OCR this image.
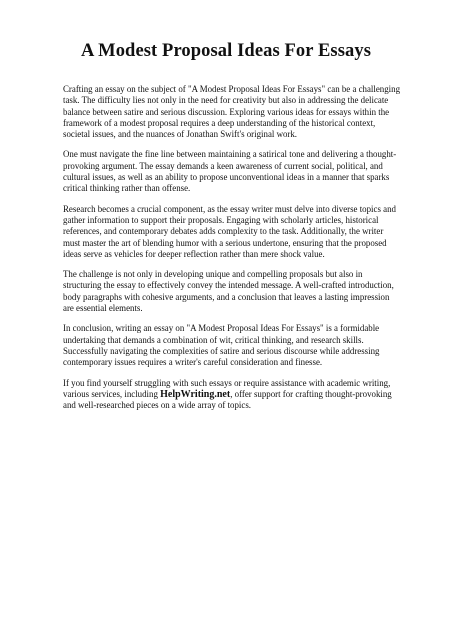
A Modest Proposal Ideas For Essays

Crafting an essay on the subject of "A Modest Proposal Ideas For Essays" can be a challenging task. The difficulty lies not only in the need for creativity but also in addressing the delicate balance between satire and serious discussion. Exploring various ideas for essays within the framework of a modest proposal requires a deep understanding of the historical context, societal issues, and the nuances of Jonathan Swift's original work.

One must navigate the fine line between maintaining a satirical tone and delivering a thought-provoking argument. The essay demands a keen awareness of current social, political, and cultural issues, as well as an ability to propose unconventional ideas in a manner that sparks critical thinking rather than offense.

Research becomes a crucial component, as the essay writer must delve into diverse topics and gather information to support their proposals. Engaging with scholarly articles, historical references, and contemporary debates adds complexity to the task. Additionally, the writer must master the art of blending humor with a serious undertone, ensuring that the proposed ideas serve as vehicles for deeper reflection rather than mere shock value.

The challenge is not only in developing unique and compelling proposals but also in structuring the essay to effectively convey the intended message. A well-crafted introduction, body paragraphs with cohesive arguments, and a conclusion that leaves a lasting impression are essential elements.

In conclusion, writing an essay on "A Modest Proposal Ideas For Essays" is a formidable undertaking that demands a combination of wit, critical thinking, and research skills. Successfully navigating the complexities of satire and serious discourse while addressing contemporary issues requires a writer's careful consideration and finesse.

If you find yourself struggling with such essays or require assistance with academic writing, various services, including HelpWriting.net, offer support for crafting thought-provoking and well-researched pieces on a wide array of topics.
